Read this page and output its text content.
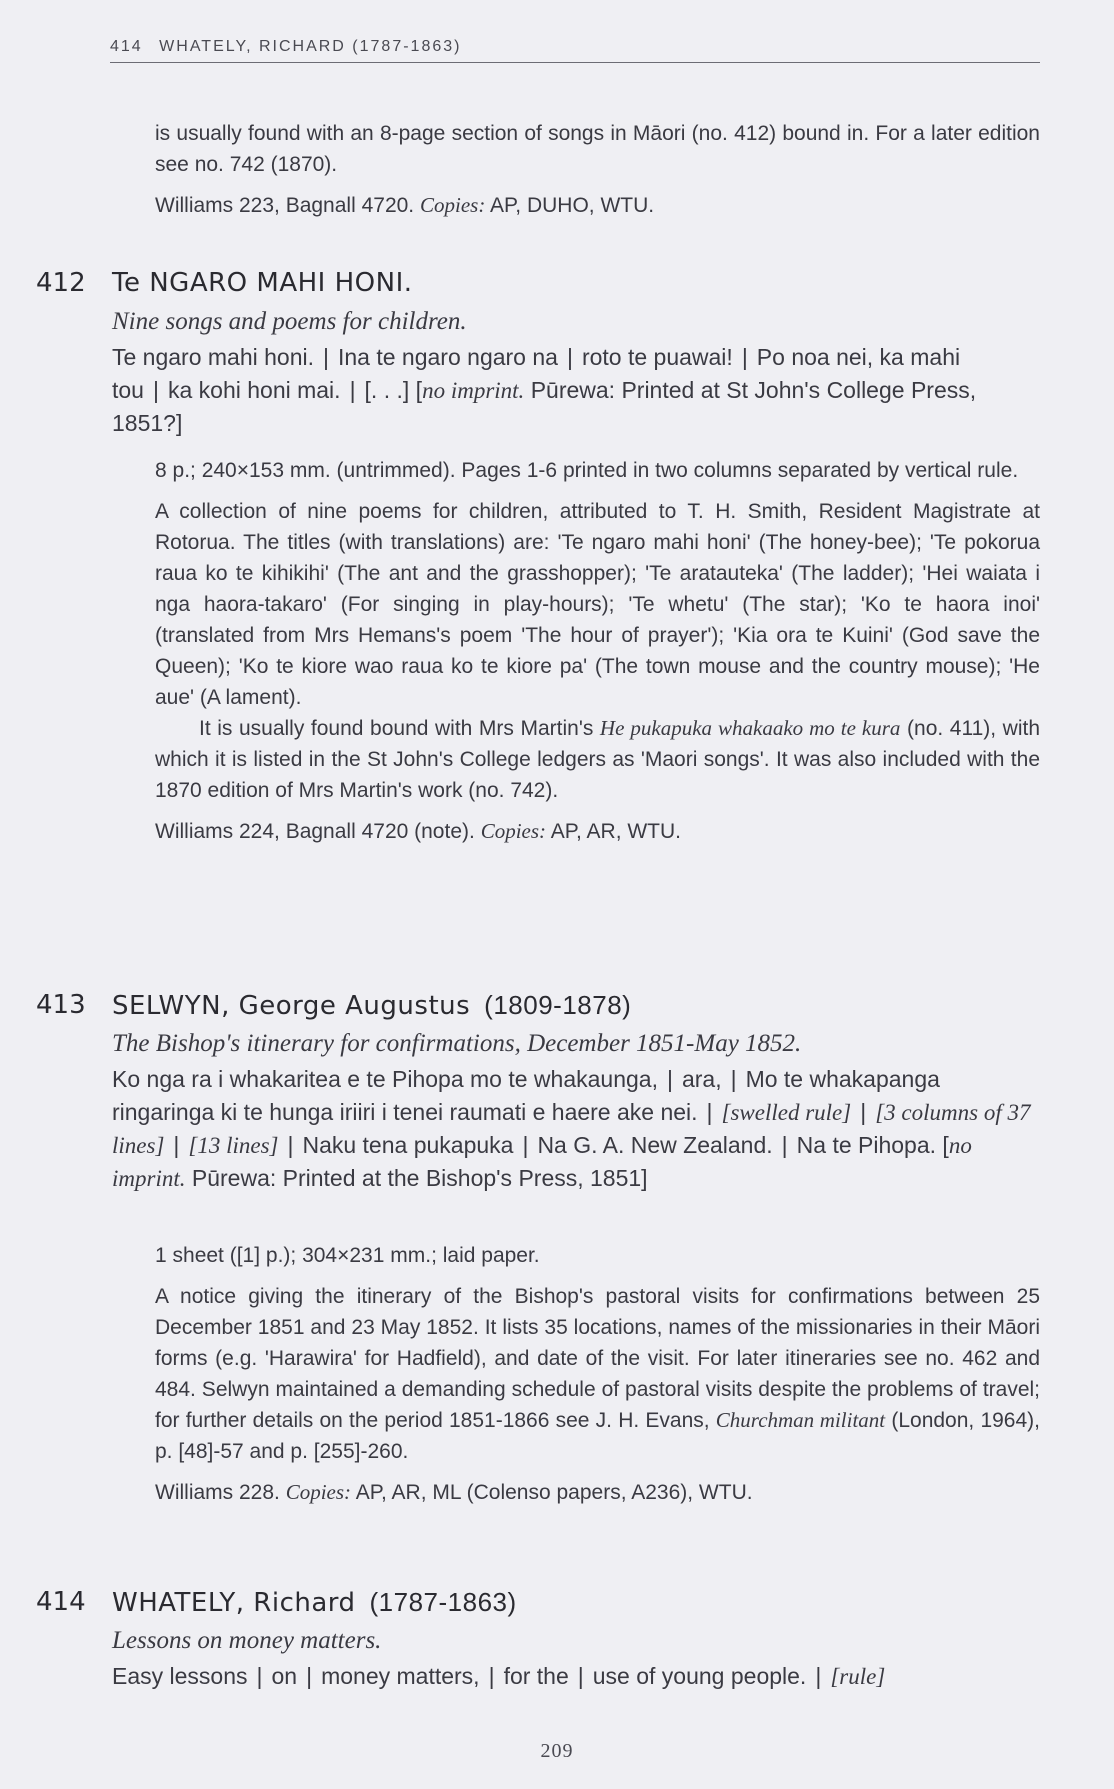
414 WHATELY, RICHARD (1787-1863)

is usually found with an 8-page section of songs in Māori (no. 412) bound in. For a later edition see no. 742 (1870).

Williams 223, Bagnall 4720. Copies: AP, DUHO, WTU.

412 Te NGARO MAHI HONI.
Nine songs and poems for children.
Te ngaro mahi honi. | Ina te ngaro ngaro na | roto te puawai! | Po noa nei, ka mahi tou | ka kohi honi mai. | [. . .] [no imprint. Pūrewa: Printed at St John's College Press, 1851?]

8 p.; 240×153 mm. (untrimmed). Pages 1-6 printed in two columns separated by vertical rule.

A collection of nine poems for children, attributed to T. H. Smith, Resident Magistrate at Rotorua. The titles (with translations) are: 'Te ngaro mahi honi' (The honey-bee); 'Te pokorua raua ko te kihikihi' (The ant and the grasshopper); 'Te aratauteka' (The ladder); 'Hei waiata i nga haora-takaro' (For singing in play-hours); 'Te whetu' (The star); 'Ko te haora inoi' (translated from Mrs Hemans's poem 'The hour of prayer'); 'Kia ora te Kuini' (God save the Queen); 'Ko te kiore wao raua ko te kiore pa' (The town mouse and the country mouse); 'He aue' (A lament).

It is usually found bound with Mrs Martin's He pukapuka whakaako mo te kura (no. 411), with which it is listed in the St John's College ledgers as 'Maori songs'. It was also included with the 1870 edition of Mrs Martin's work (no. 742).

Williams 224, Bagnall 4720 (note). Copies: AP, AR, WTU.

413 SELWYN, George Augustus (1809-1878)
The Bishop's itinerary for confirmations, December 1851-May 1852.
Ko nga ra i whakaritea e te Pihopa mo te whakaunga, | ara, | Mo te whakapanga ringaringa ki te hunga iriiri i tenei raumati e haere ake nei. | [swelled rule] | [3 columns of 37 lines] | [13 lines] | Naku tena pukapuka | Na G. A. New Zealand. | Na te Pihopa. [no imprint. Pūrewa: Printed at the Bishop's Press, 1851]

1 sheet ([1] p.); 304×231 mm.; laid paper.

A notice giving the itinerary of the Bishop's pastoral visits for confirmations between 25 December 1851 and 23 May 1852. It lists 35 locations, names of the missionaries in their Māori forms (e.g. 'Harawira' for Hadfield), and date of the visit. For later itineraries see no. 462 and 484. Selwyn maintained a demanding schedule of pastoral visits despite the problems of travel; for further details on the period 1851-1866 see J. H. Evans, Churchman militant (London, 1964), p. [48]-57 and p. [255]-260.

Williams 228. Copies: AP, AR, ML (Colenso papers, A236), WTU.

414 WHATELY, Richard (1787-1863)
Lessons on money matters.
Easy lessons | on | money matters, | for the | use of young people. | [rule]
209
